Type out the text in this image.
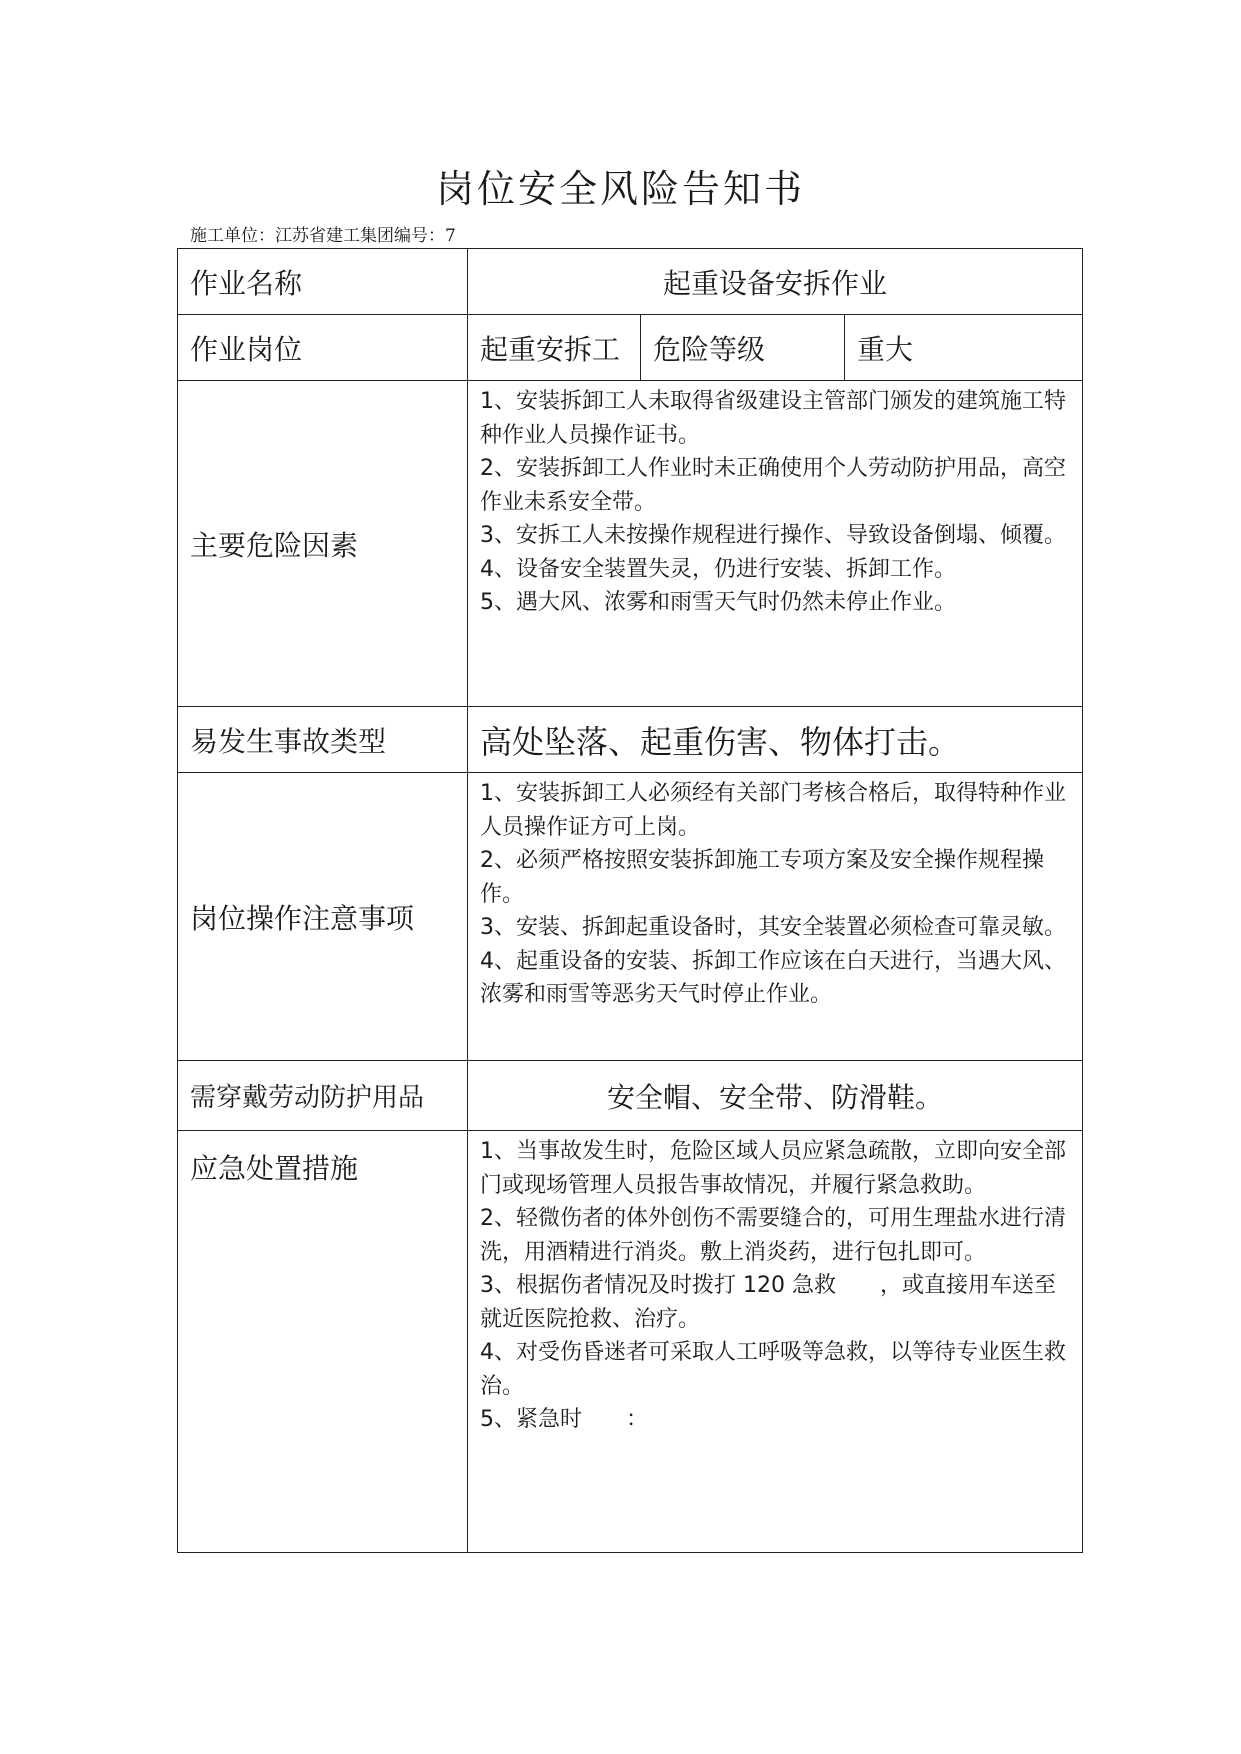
岗位安全风险告知书
施工单位：江苏省建工集团编号：7
作业名称	起重设备安拆作业		
作业岗位	起重安拆工	危险等级	重大
主要危险因素	1、安装拆卸工人未取得省级建设主管部门颁发的建筑施工特种作业人员操作证书。
2、安装拆卸工人作业时未正确使用个人劳动防护用品，高空作业未系安全带。
3、安拆工人未按操作规程进行操作、导致设备倒塌、倾覆。
4、设备安全装置失灵，仍进行安装、拆卸工作。
5、遇大风、浓雾和雨雪天气时仍然未停止作业。		

易发生事故类型	高处坠落、起重伤害、物体打击。		
岗位操作注意事项	1、安装拆卸工人必须经有关部门考核合格后，取得特种作业人员操作证方可上岗。
2、必须严格按照安装拆卸施工专项方案及安全操作规程操作。
3、安装、拆卸起重设备时，其安全装置必须检查可靠灵敏。
4、起重设备的安装、拆卸工作应该在白天进行，当遇大风、浓雾和雨雪等恶劣天气时停止作业。		

需穿戴劳动防护用品	安全帽、安全带、防滑鞋。		
应急处置措施	1、当事故发生时，危险区域人员应紧急疏散，立即向安全部门或现场管理人员报告事故情况，并履行紧急救助。
2、轻微伤者的体外创伤不需要缝合的，可用生理盐水进行清洗，用酒精进行消炎。敷上消炎药，进行包扎即可。
3、根据伤者情况及时拨打 120 急救　　，或直接用车送至就近医院抢救、治疗。
4、对受伤昏迷者可采取人工呼吸等急救，以等待专业医生救治。
5、紧急时　　：		
